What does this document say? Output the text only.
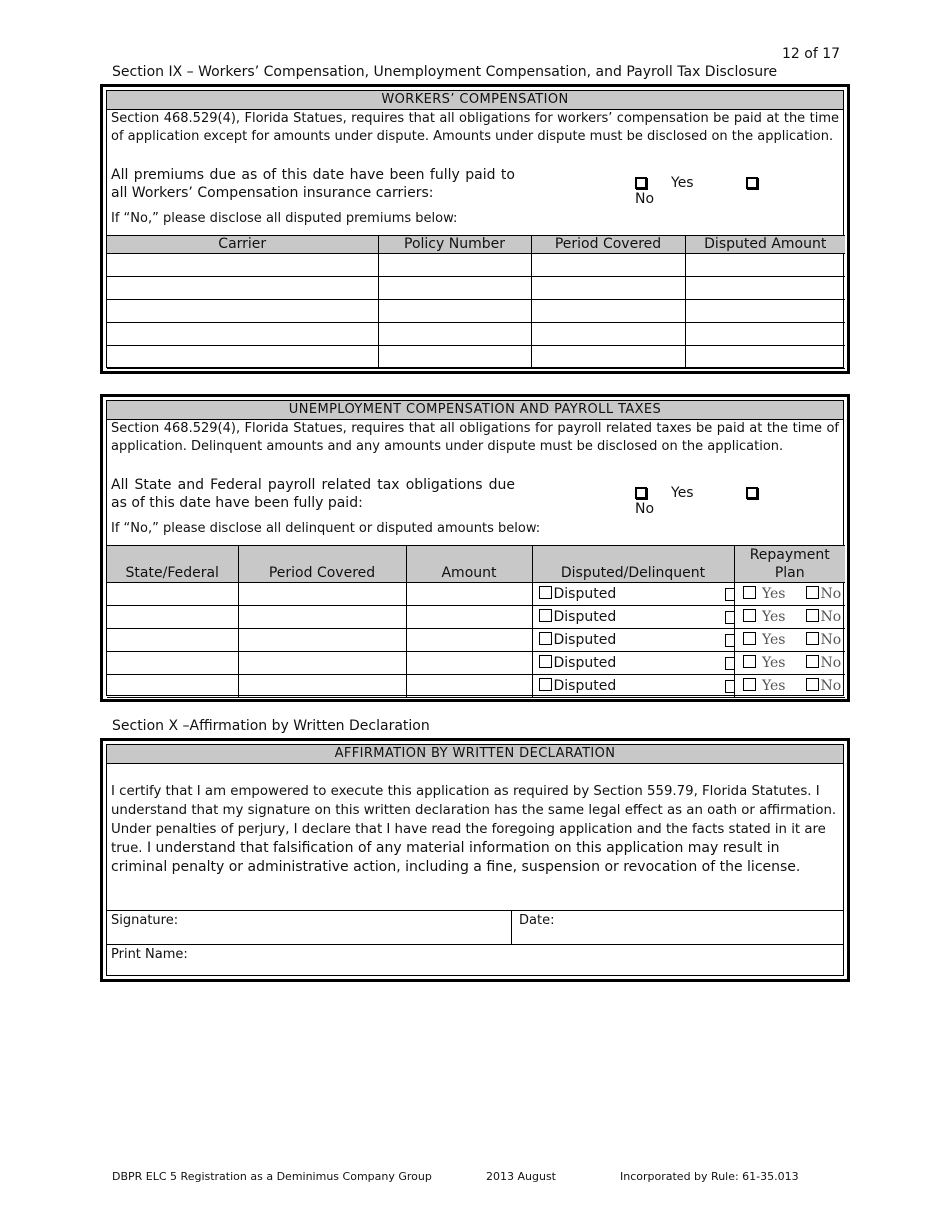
12 of 17
Section IX – Workers’ Compensation, Unemployment Compensation, and Payroll Tax Disclosure
WORKERS’ COMPENSATION

Section 468.529(4), Florida Statues, requires that all obligations for workers’ compensation be paid at the time of application except for amounts under dispute. Amounts under dispute must be disclosed on the application.

All premiums due as of this date have been fully paid to all Workers’ Compensation insurance carriers:
Yes No
If “No,” please disclose all disputed premiums below:
Carrier	Policy Number	Period Covered	Disputed Amount

UNEMPLOYMENT COMPENSATION AND PAYROLL TAXES

Section 468.529(4), Florida Statues, requires that all obligations for payroll related taxes be paid at the time of application. Delinquent amounts and any amounts under dispute must be disclosed on the application.

All State and Federal payroll related tax obligations due as of this date have been fully paid:
Yes No
If “No,” please disclose all delinquent or disputed amounts below:
State/Federal	Period Covered	Amount	Disputed/Delinquent	Repayment Plan
			Disputed	Yes No

			Disputed	Yes No

			Disputed	Yes No

			Disputed	Yes No

			Disputed	Yes No
Section X –Affirmation by Written Declaration
AFFIRMATION BY WRITTEN DECLARATION

I certify that I am empowered to execute this application as required by Section 559.79, Florida Statutes. I understand that my signature on this written declaration has the same legal effect as an oath or affirmation. Under penalties of perjury, I declare that I have read the foregoing application and the facts stated in it are true. I understand that falsification of any material information on this application may result in criminal penalty or administrative action, including a fine, suspension or revocation of the license.

Signature:	Date:
Print Name:
DBPR ELC 5 Registration as a Deminimus Company Group	2013 August	Incorporated by Rule: 61-35.013
